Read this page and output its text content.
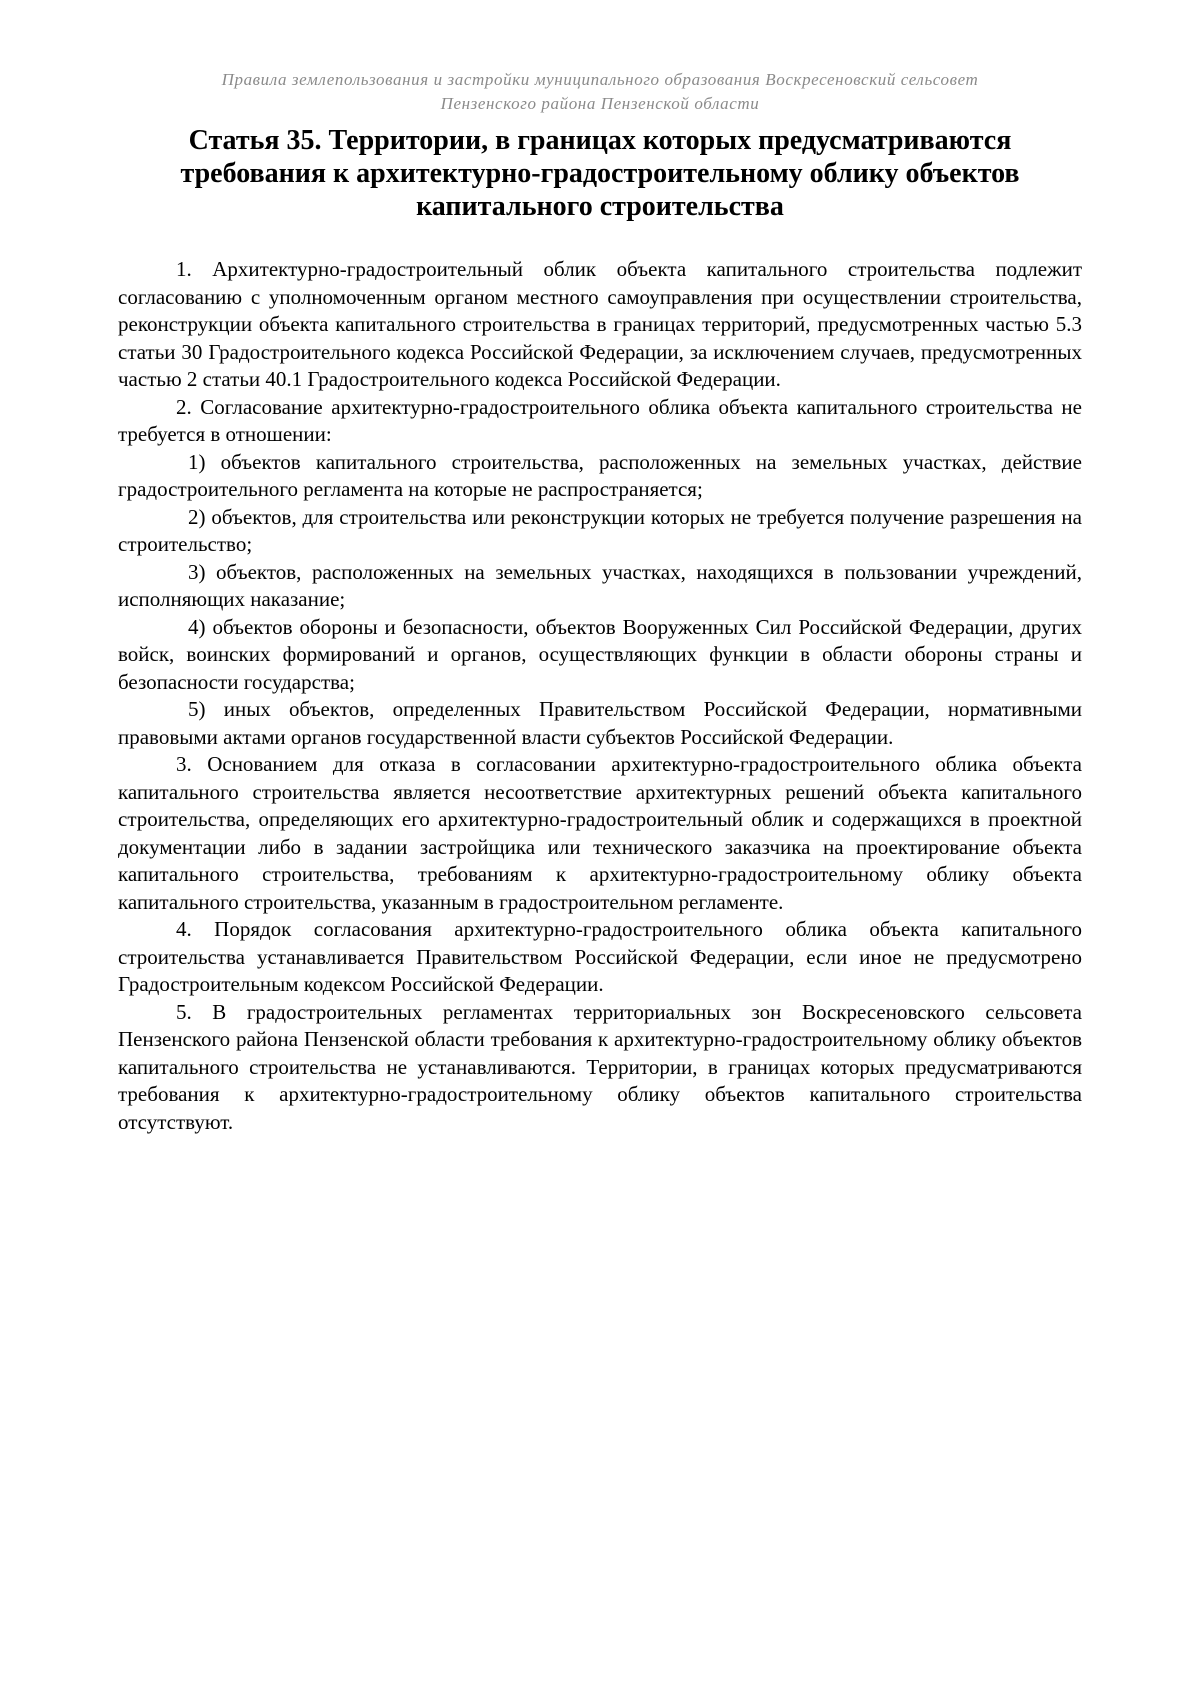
Правила землепользования и застройки муниципального образования Воскресеновский сельсовет
Пензенского района Пензенской области
Статья 35. Территории, в границах которых предусматриваются требования к архитектурно-градостроительному облику объектов капитального строительства

1. Архитектурно-градостроительный облик объекта капитального строительства подлежит согласованию с уполномоченным органом местного самоуправления при осуществлении строительства, реконструкции объекта капитального строительства в границах территорий, предусмотренных частью 5.3 статьи 30 Градостроительного кодекса Российской Федерации, за исключением случаев, предусмотренных частью 2 статьи 40.1 Градостроительного кодекса Российской Федерации.

2. Согласование архитектурно-градостроительного облика объекта капитального строительства не требуется в отношении:

1) объектов капитального строительства, расположенных на земельных участках, действие градостроительного регламента на которые не распространяется;

2) объектов, для строительства или реконструкции которых не требуется получение разрешения на строительство;

3) объектов, расположенных на земельных участках, находящихся в пользовании учреждений, исполняющих наказание;

4) объектов обороны и безопасности, объектов Вооруженных Сил Российской Федерации, других войск, воинских формирований и органов, осуществляющих функции в области обороны страны и безопасности государства;

5) иных объектов, определенных Правительством Российской Федерации, нормативными правовыми актами органов государственной власти субъектов Российской Федерации.

3. Основанием для отказа в согласовании архитектурно-градостроительного облика объекта капитального строительства является несоответствие архитектурных решений объекта капитального строительства, определяющих его архитектурно-градостроительный облик и содержащихся в проектной документации либо в задании застройщика или технического заказчика на проектирование объекта капитального строительства, требованиям к архитектурно-градостроительному облику объекта капитального строительства, указанным в градостроительном регламенте.

4. Порядок согласования архитектурно-градостроительного облика объекта капитального строительства устанавливается Правительством Российской Федерации, если иное не предусмотрено Градостроительным кодексом Российской Федерации.

5. В градостроительных регламентах территориальных зон Воскресеновского сельсовета Пензенского района Пензенской области требования к архитектурно-градостроительному облику объектов капитального строительства не устанавливаются. Территории, в границах которых предусматриваются требования к архитектурно-градостроительному облику объектов капитального строительства отсутствуют.
